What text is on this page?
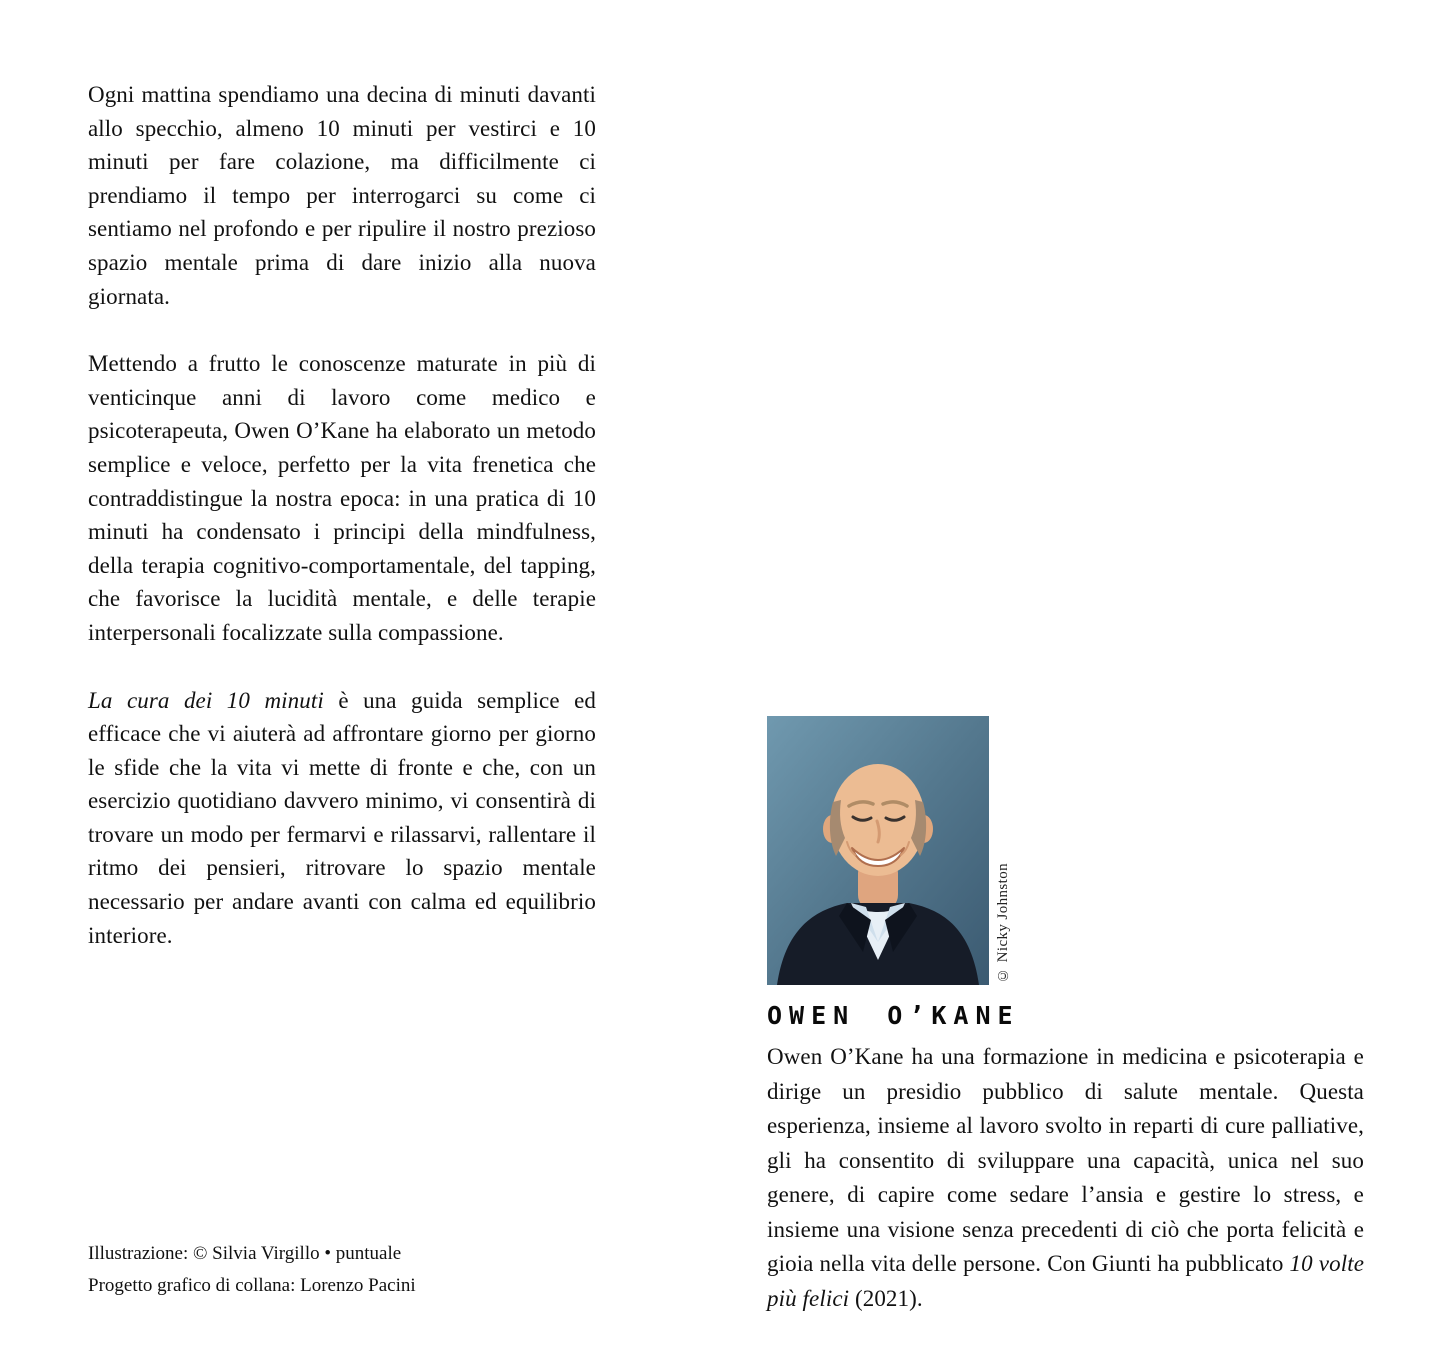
Ogni mattina spendiamo una decina di minuti davanti allo specchio, almeno 10 minuti per vestirci e 10 minuti per fare colazione, ma difficilmente ci prendiamo il tempo per interrogarci su come ci sentiamo nel profondo e per ripulire il nostro prezioso spazio mentale prima di dare inizio alla nuova giornata.

Mettendo a frutto le conoscenze maturate in più di venticinque anni di lavoro come medico e psicoterapeuta, Owen O’Kane ha elaborato un metodo semplice e veloce, perfetto per la vita frenetica che contraddistingue la nostra epoca: in una pratica di 10 minuti ha condensato i principi della mindfulness, della terapia cognitivo-comportamentale, del tapping, che favorisce la lucidità mentale, e delle terapie interpersonali focalizzate sulla compassione.

La cura dei 10 minuti è una guida semplice ed efficace che vi aiuterà ad affrontare giorno per giorno le sfide che la vita vi mette di fronte e che, con un esercizio quotidiano davvero minimo, vi consentirà di trovare un modo per fermarvi e rilassarvi, rallentare il ritmo dei pensieri, ritrovare lo spazio mentale necessario per andare avanti con calma ed equilibrio interiore.

Illustrazione: © Silvia Virgillo • puntuale

Progetto grafico di collana: Lorenzo Pacini

© Nicky Johnston
OWEN O’KANE

Owen O’Kane ha una formazione in medicina e psicoterapia e dirige un presidio pubblico di salute mentale. Questa esperienza, insieme al lavoro svolto in reparti di cure palliative, gli ha consentito di sviluppare una capacità, unica nel suo genere, di capire come sedare l’ansia e gestire lo stress, e insieme una visione senza precedenti di ciò che porta felicità e gioia nella vita delle persone. Con Giunti ha pubblicato 10 volte più felici (2021).
